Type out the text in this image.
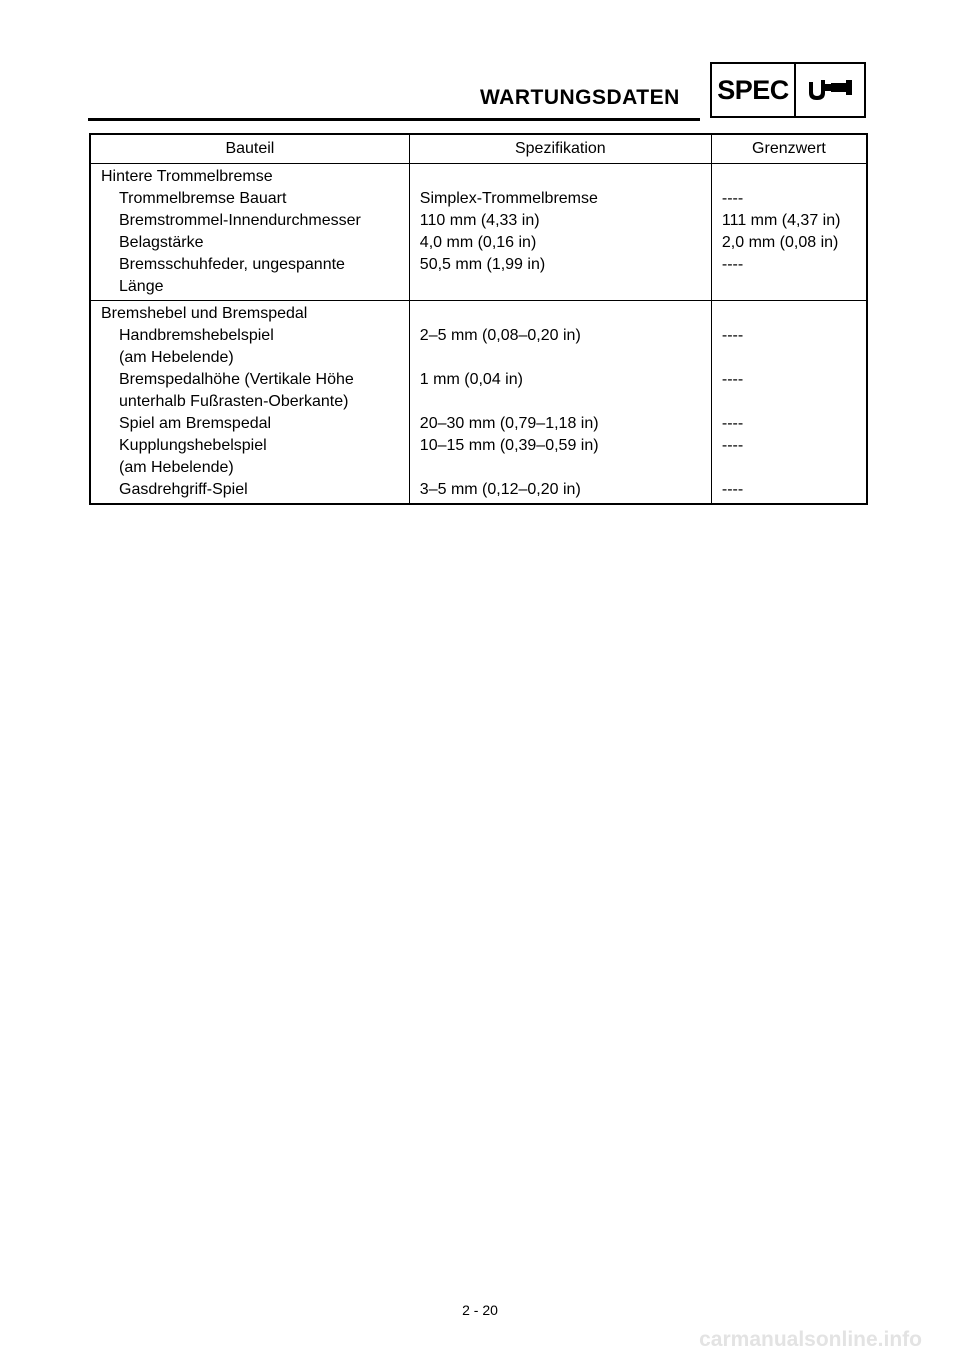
WARTUNGSDATEN	SPEC
Bauteil	Spezifikation	Grenzwert
Hintere Trommelbremse		
Trommelbremse Bauart	Simplex-Trommelbremse	----
Bremstrommel-Innendurchmesser	110 mm (4,33 in)	111 mm (4,37 in)
Belagstärke	4,0 mm (0,16 in)	2,0 mm (0,08 in)
Bremsschuhfeder, ungespannte
Länge	50,5 mm (1,99 in)	----
Bremshebel und Bremspedal		
Handbremshebelspiel
(am Hebelende)	2–5 mm (0,08–0,20 in)	----
Bremspedalhöhe (Vertikale Höhe
unterhalb Fußrasten-Oberkante)	1 mm (0,04 in)	----
Spiel am Bremspedal	20–30 mm (0,79–1,18 in)	----
Kupplungshebelspiel
(am Hebelende)	10–15 mm (0,39–0,59 in)	----
Gasdrehgriff-Spiel	3–5 mm (0,12–0,20 in)	----
2 - 20
carmanualsonline.info
